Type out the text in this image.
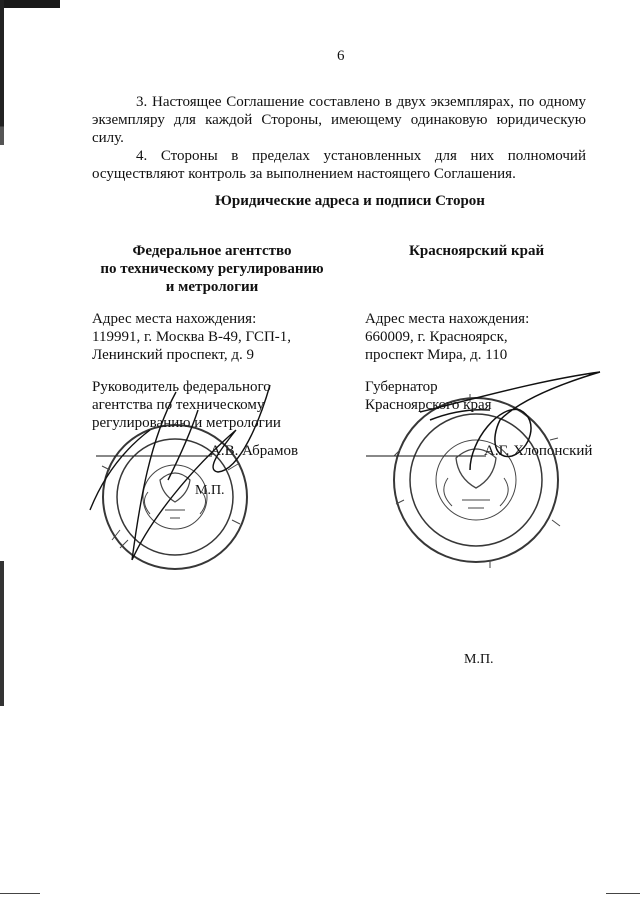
6
3. Настоящее Соглашение составлено в двух экземплярах, по одному
экземпляру для каждой Стороны, имеющему одинаковую юридическую
силу.
4. Стороны в пределах установленных для них полномочий
осуществляют контроль за выполнением настоящего Соглашения.
Юридические адреса и подписи Сторон
Федеральное агентство
по техническому регулированию
и метрологии
Красноярский край
Адрес места нахождения:
119991, г. Москва В-49, ГСП-1,
Ленинский проспект, д. 9
Адрес места нахождения:
660009, г. Красноярск,
проспект Мира, д. 110
Руководитель федерального
агентства по техническому
регулированию и метрологии
Губернатор
Красноярского края
А.В. Абрамов	А.Г. Хлопонский
М.П.
М.П.
